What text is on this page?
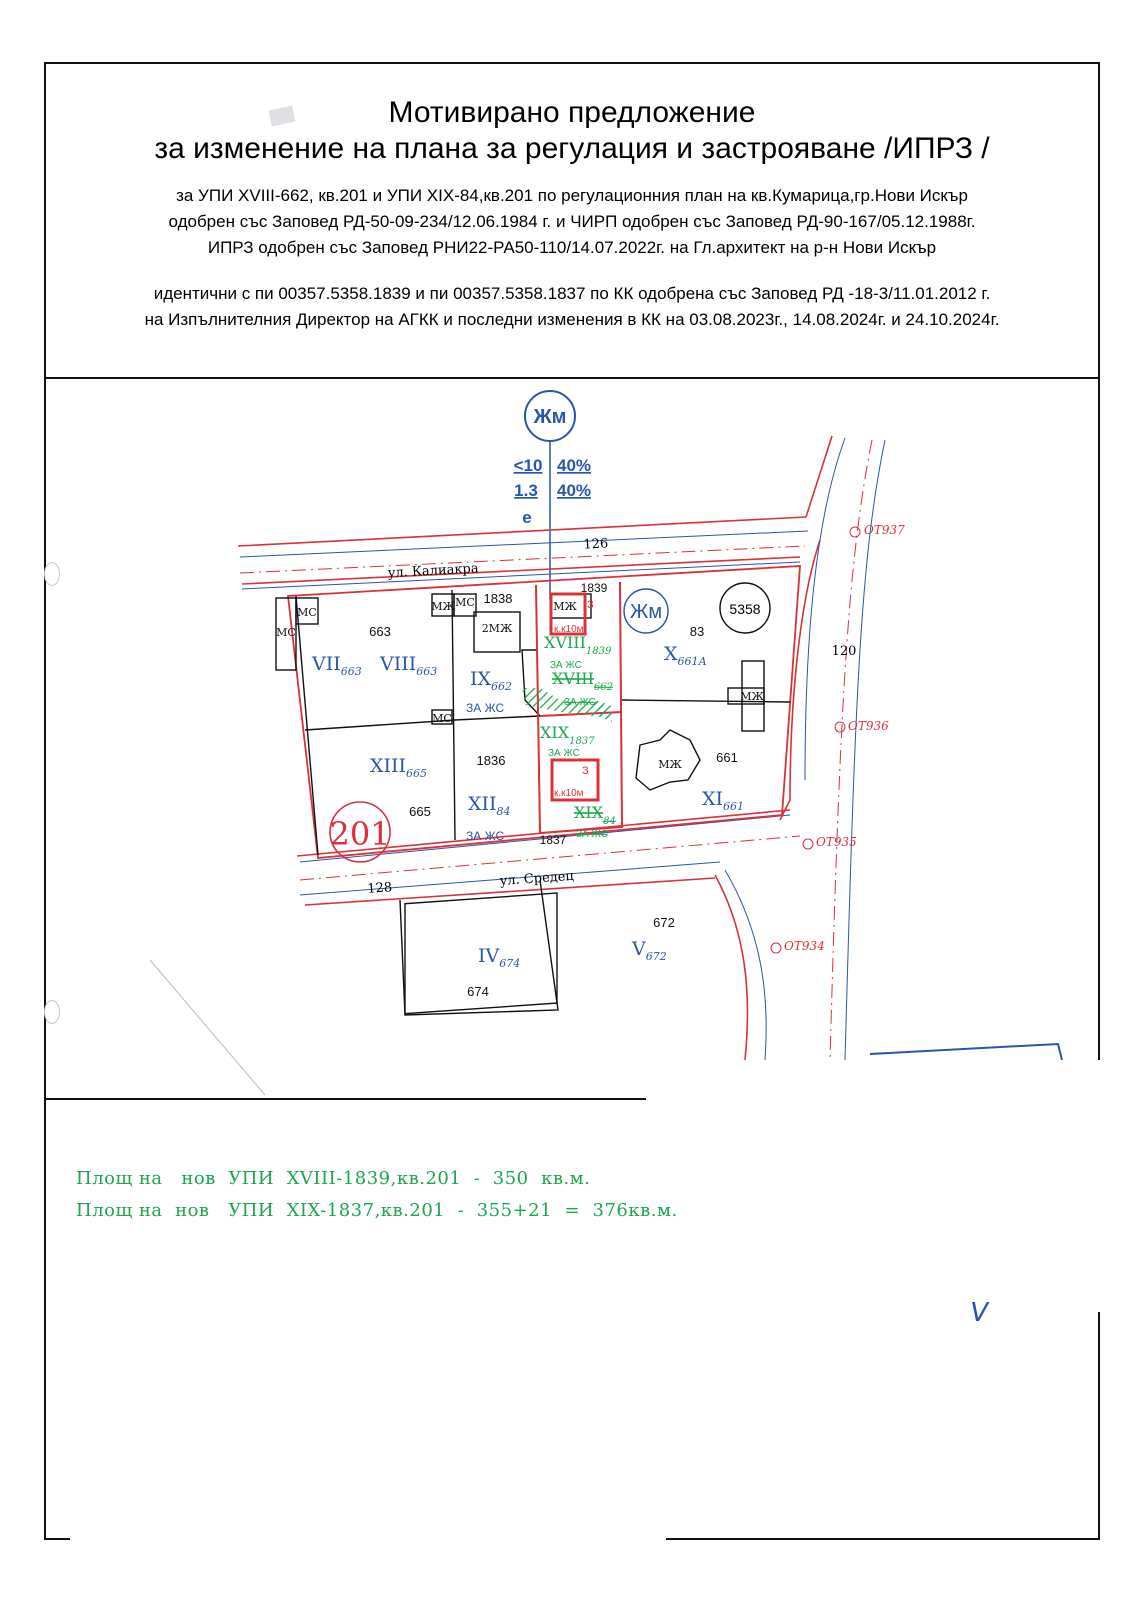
Мотивирано предложение
за изменение на плана за регулация и застрояване /ИПРЗ /
за УПИ XVIII-662, кв.201 и УПИ XIX-84,кв.201 по регулационния план на кв.Кумарица,гр.Нови Искър
одобрен със Заповед РД-50-09-234/12.06.1984 г. и ЧИРП одобрен със Заповед РД-90-167/05.12.1988г.
ИПРЗ одобрен със Заповед РНИ22-РА50-110/14.07.2022г. на Гл.архитект на р-н Нови Искър
идентични с пи 00357.5358.1839 и пи 00357.5358.1837 по КК одобрена със Заповед РД -18-3/11.01.2012 г.
на Изпълнителния Директор на АГКК и последни изменения в КК на 03.08.2023г., 14.08.2024г. и 24.10.2024г.
Жм
<10 40%
1.3 40%
е
ул. Калиакра
126
120
ул. Средец
128
201
5358
Жм
OT937
OT936
OT935
OT934
663
1838
1839
83
1836	661
665
1837
672
674
МС
МС	МЖ МС
2МЖ
МС
МЖ
МЖ
МЖ
З
к.к10м
З
к.к10м
$VII_{663}$ $VIII_{663}$ $IX_{662}$
$X_{661А}$
$XIII_{665}$
$XII_{84}$
$XI_{661}$
$IV_{674}$
$V_{672}$
ЗА ЖС
ЗА ЖС
$XVIII_{1839}$
ЗА ЖС
$XVIII_{662}$
ЗА ЖС
$XIX_{1837}$
ЗА ЖС
$XIX_{84}$
ЗА ЖС
Площ на   нов  УПИ  XVIII-1839,кв.201  -  350  кв.м.
Площ на  нов   УПИ  XIX-1837,кв.201  -  355+21  =  376кв.м.
V
